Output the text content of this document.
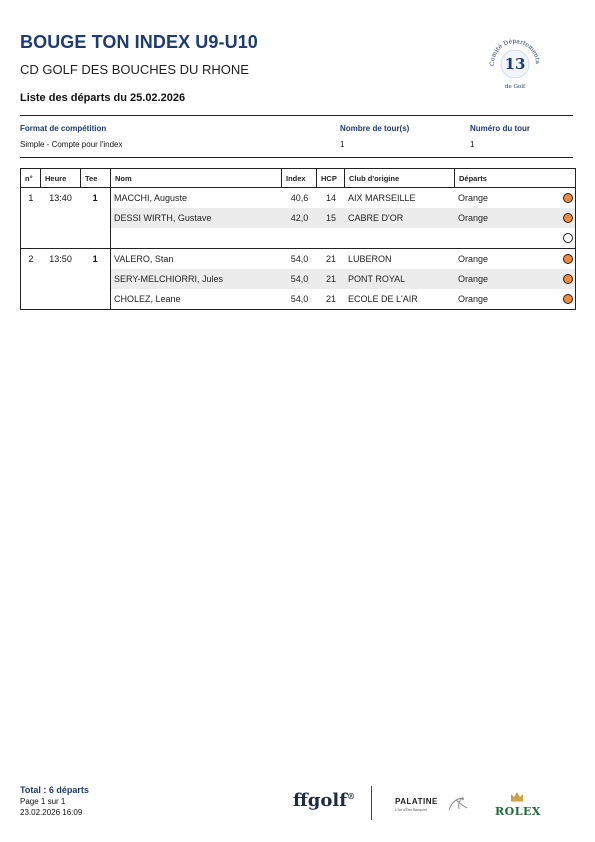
BOUGE TON INDEX U9-U10
CD GOLF DES BOUCHES DU RHONE
Liste des départs du 25.02.2026
Comité Départementa
13
de Golf
Format de compétition
Simple - Compte pour l'index
Nombre de tour(s)
1
Numéro du tour
1
n°	Heure	Tee	Nom	Index	HCP	Club d'origine	Départs
1	13:40	1	MACCHI, Auguste	40,6	14	AIX MARSEILLE	Orange
DESSI WIRTH, Gustave	42,0	15	CABRE D'OR	Orange
2	13:50	1	VALERO, Stan	54,0	21	LUBERON	Orange
SERY-MELCHIORRI, Jules	54,0	21	PONT ROYAL	Orange
CHOLEZ, Leane	54,0	21	ECOLE DE L'AIR	Orange
Total : 6 départs
Page 1 sur 1
23.02.2026 16:09
ffgolf®
PALATINE
L'Art d'Être Banquier	ROLEX
